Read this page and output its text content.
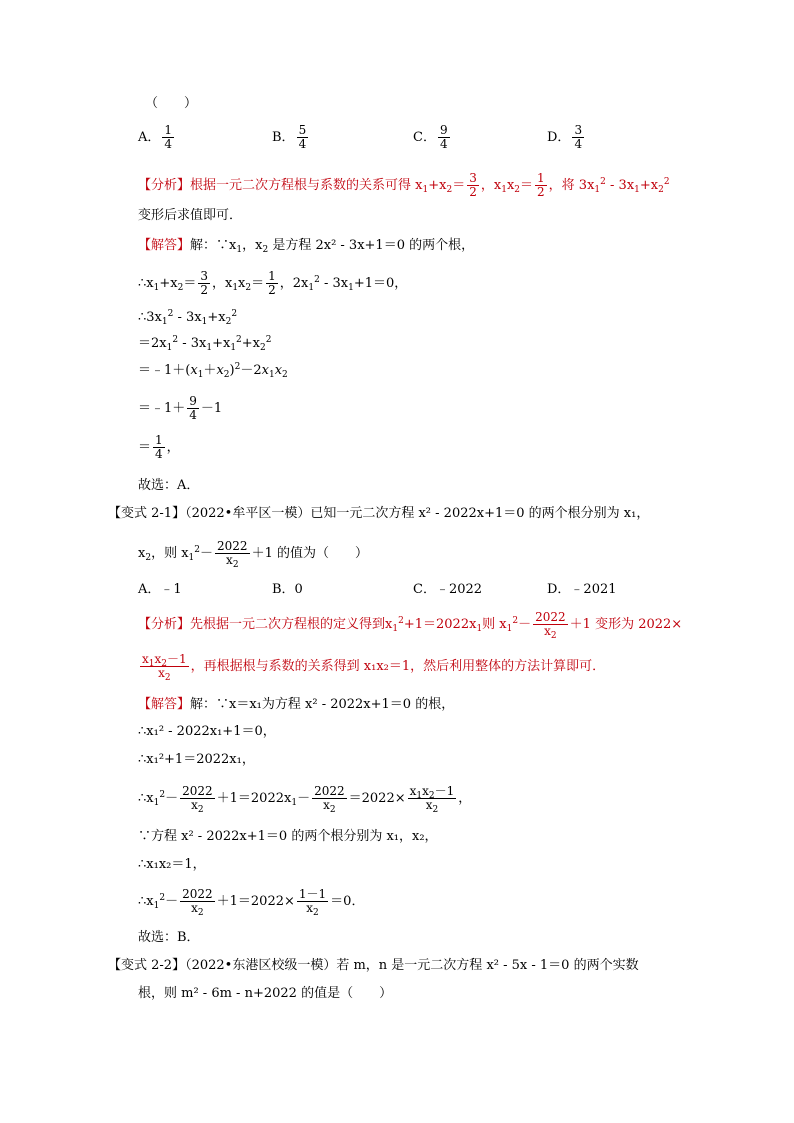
（　　）
A． $\frac{1}{4}$	B． $\frac{5}{4}$	C． $\frac{9}{4}$	D． $\frac{3}{4}$
【分析】根据一元二次方程根与系数的关系可得 $x_1+x_2= \frac{3}{2}$ ，$x_1x_2= \frac{1}{2}$ ，将 $3x_1^2 - 3x_1+x_2^2$
变形后求值即可．
【解答】解：$\because x_1$，$x_2$ 是方程 2x² - 3x+1＝0 的两个根，
$\therefore x_1+x_2= \frac{3}{2}$ ，$x_1x_2= \frac{1}{2}$ ，$2x_1^2 - 3x_1+1=0$，
$\therefore 3x_1^2 - 3x_1+x_2^2$
$=2x_1^2 - 3x_1+x_1^2+x_2^2$
$=﹣1+(x_1+x_2)^2-2x_1x_2$
＝﹣1＋ $\frac{9}{4} -1$
＝ $\frac{1}{4}$ ，
故选：A．
【变式 2-1】（2022•牟平区一模）已知一元二次方程 x² - 2022x+1＝0 的两个根分别为 x₁，
$x_2$，则 $x_1^2- \frac{2022}{x_2} +1$ 的值为（　　）
A．﹣1	B．0	C．﹣2022	D．﹣2021
【分析】先根据一元二次方程根的定义得到$x_1^2+1=2022x_1$则 $x_1^2- \frac{2022}{x_2} +1$ 变形为 2022×
$\frac{x_1x_2-1}{x_2}$ ，再根据根与系数的关系得到 x₁x₂＝1，然后利用整体的方法计算即可．
【解答】解：∵x＝x₁为方程 x² - 2022x+1＝0 的根，
∴x₁² - 2022x₁+1＝0，
∴x₁²+1＝2022x₁，
$\therefore x_1^2- \frac{2022}{x_2} +1=2022x_1- \frac{2022}{x_2} =2022\times \frac{x_1x_2-1}{x_2}$ ，
∵方程 x² - 2022x+1＝0 的两个根分别为 x₁，x₂，
∴x₁x₂＝1，
$\therefore x_1^2- \frac{2022}{x_2} +1=2022\times \frac{1-1}{x_2} =0$．
故选：B．
【变式 2-2】（2022•东港区校级一模）若 m，n 是一元二次方程 x² - 5x - 1＝0 的两个实数
根，则 m² - 6m - n+2022 的值是（　　）
